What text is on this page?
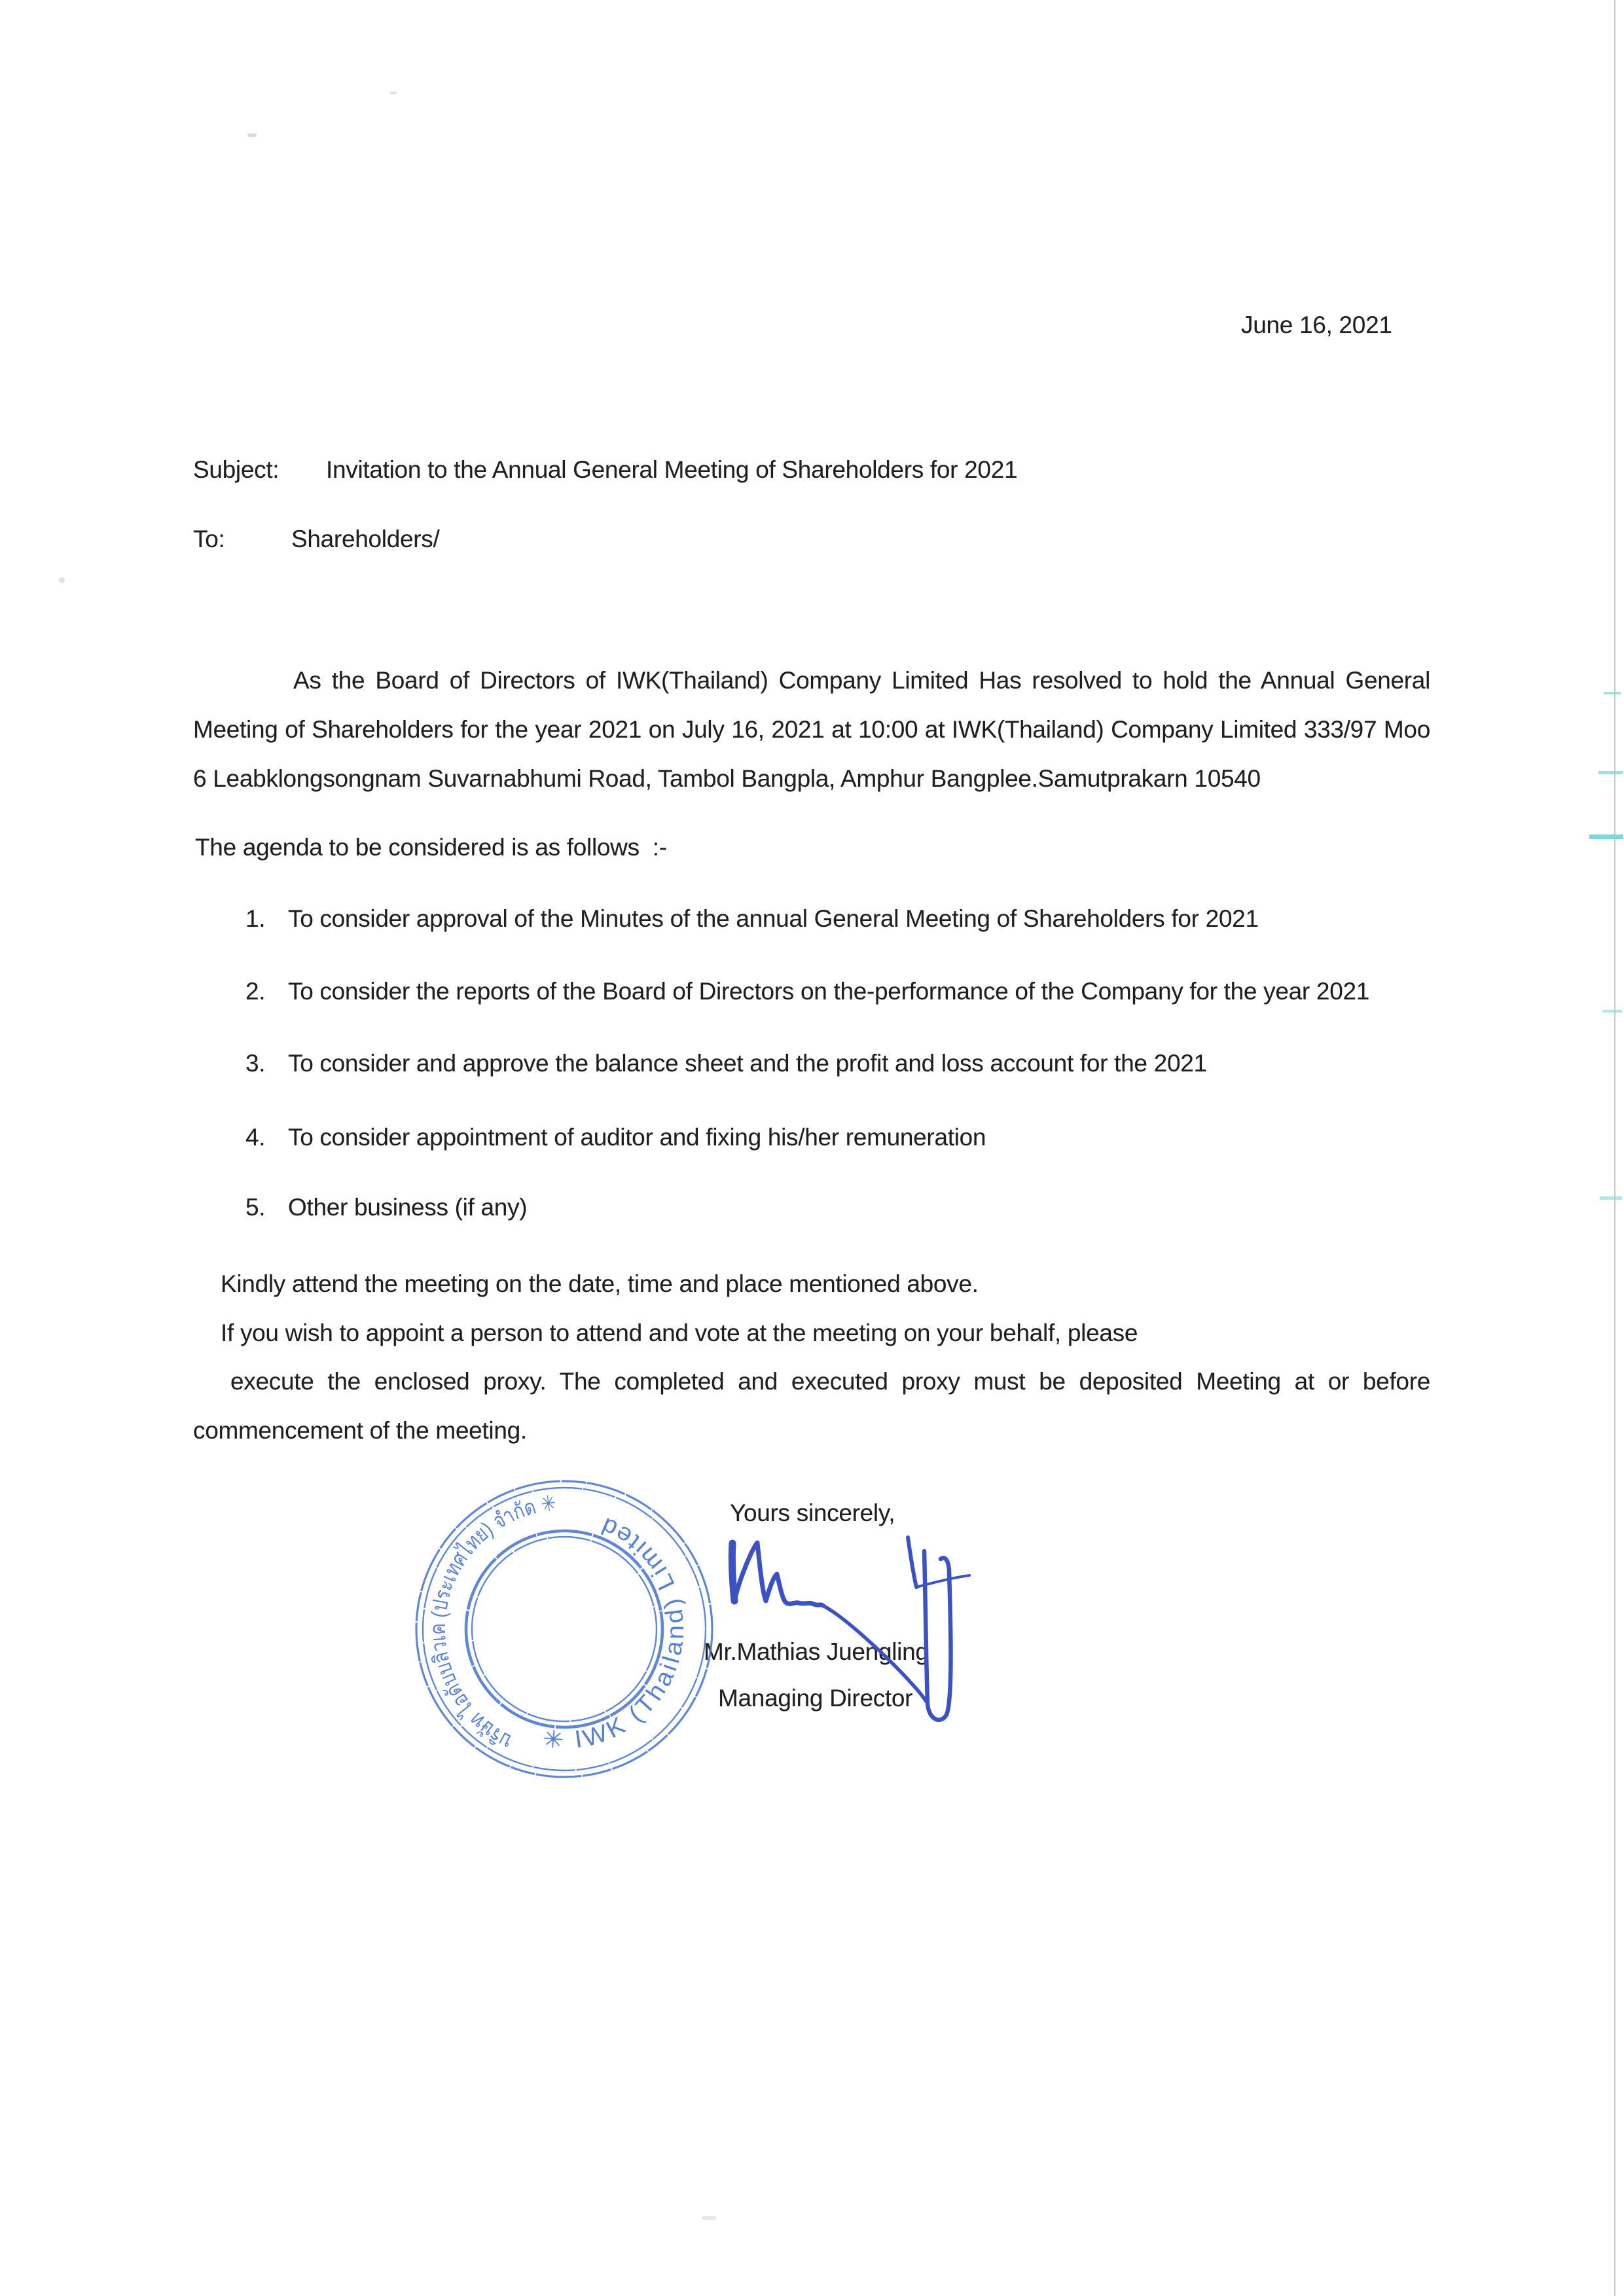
June 16, 2021
Subject: Invitation to the Annual General Meeting of Shareholders for 2021
To:	Shareholders/
As the Board of Directors of IWK(Thailand) Company Limited Has resolved to hold the Annual General
Meeting of Shareholders for the year 2021 on July 16, 2021 at 10:00 at IWK(Thailand) Company Limited 333/97 Moo
6 Leabklongsongnam Suvarnabhumi Road, Tambol Bangpla, Amphur Bangplee.Samutprakarn 10540
The agenda to be considered is as follows  :-
1. To consider approval of the Minutes of the annual General Meeting of Shareholders for 2021
2. To consider the reports of the Board of Directors on the-performance of the Company for the year 2021
3. To consider and approve the balance sheet and the profit and loss account for the 2021
4. To consider appointment of auditor and fixing his/her remuneration
5. Other business (if any)
Kindly attend the meeting on the date, time and place mentioned above.
If you wish to appoint a person to attend and vote at the meeting on your behalf, please
execute the enclosed proxy. The completed and executed proxy must be deposited Meeting at or before
commencement of the meeting.
Yours sincerely,
Mr.Mathias Juengling
Managing Director
✳ IWK (Thailand) Limited
บริษัท ไอดับบลิวเค (ประเทศไทย) จำกัด ✳
